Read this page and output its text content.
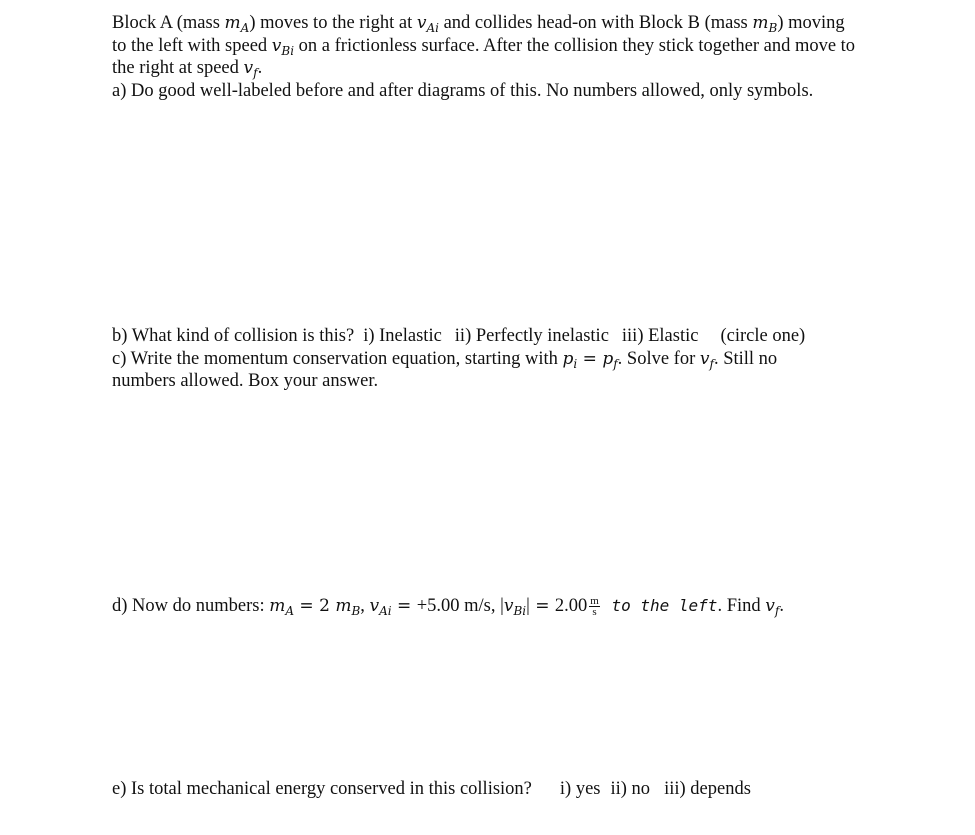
Block A (mass $m_A$) moves to the right at $v_{Ai}$ and collides head-on with Block B (mass $m_B$) moving
to the left with speed $v_{Bi}$ on a frictionless surface. After the collision they stick together and move to
the right at speed $v_f$.
a) Do good well-labeled before and after diagrams of this. No numbers allowed, only symbols.
b) What kind of collision is this? i) Inelastic ii) Perfectly inelastic iii) Elastic (circle one)
c) Write the momentum conservation equation, starting with $p_i = p_f$. Solve for $v_f$. Still no
numbers allowed. Box your answer.
d) Now do numbers: $m_A = 2$ $m_B$, $v_{Ai} = +5.00$ m/s, $|v_{Bi}| = 2.00 \frac{m}{s}$ to the left. Find $v_f$.
e) Is total mechanical energy conserved in this collision? i) yes ii) no iii) depends
